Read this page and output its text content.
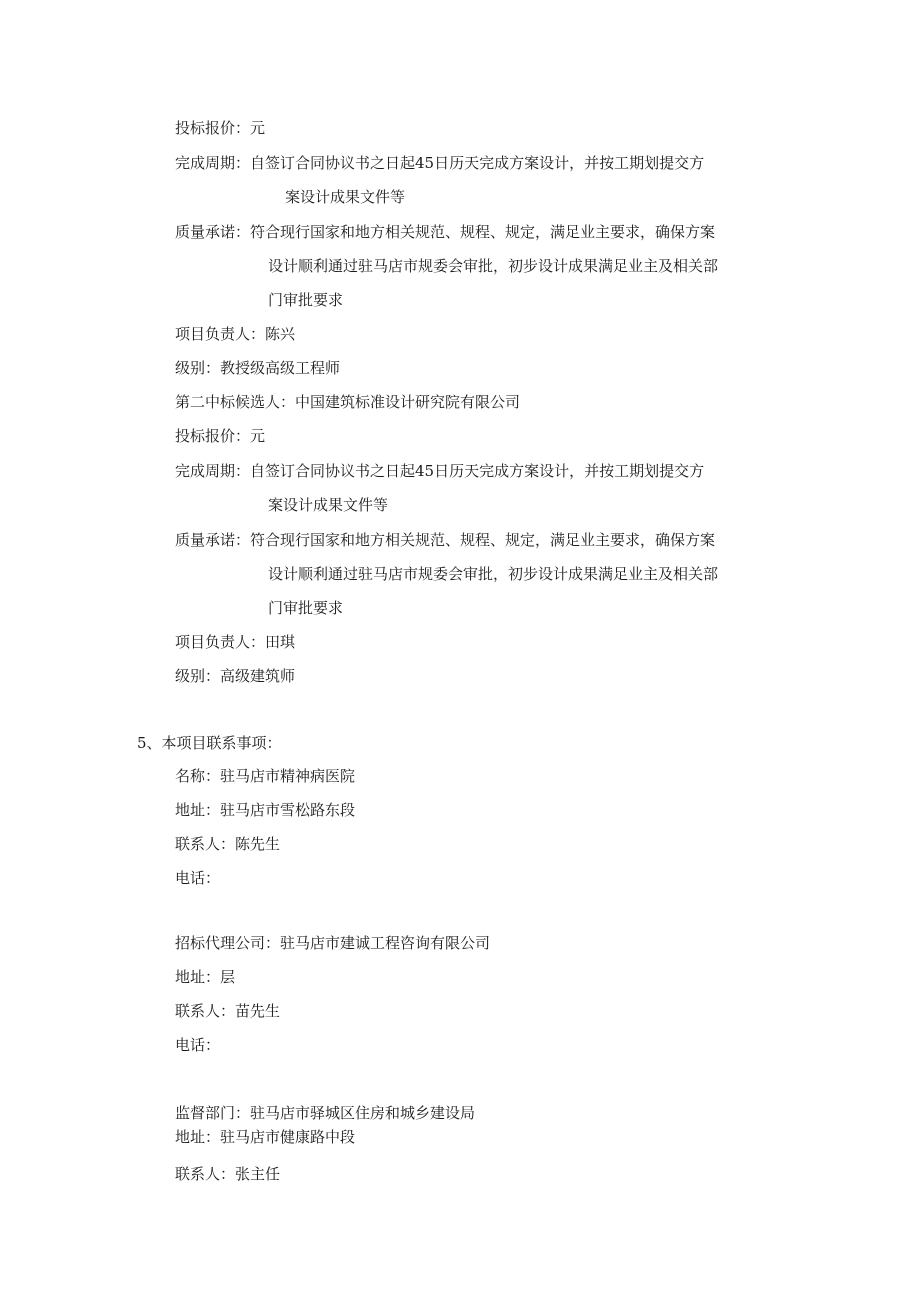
投标报价：元
完成周期：自签订合同协议书之日起45日历天完成方案设计，并按工期划提交方
案设计成果文件等
质量承诺：符合现行国家和地方相关规范、规程、规定，满足业主要求，确保方案
设计顺利通过驻马店市规委会审批，初步设计成果满足业主及相关部
门审批要求
项目负责人：陈兴
级别：教授级高级工程师
第二中标候选人：中国建筑标准设计研究院有限公司
投标报价：元
完成周期：自签订合同协议书之日起45日历天完成方案设计，并按工期划提交方
案设计成果文件等
质量承诺：符合现行国家和地方相关规范、规程、规定，满足业主要求，确保方案
设计顺利通过驻马店市规委会审批，初步设计成果满足业主及相关部
门审批要求
项目负责人：田琪
级别：高级建筑师
5、本项目联系事项：
名称：驻马店市精神病医院
地址：驻马店市雪松路东段
联系人：陈先生
电话：
招标代理公司：驻马店市建诚工程咨询有限公司
地址：层
联系人：苗先生
电话：
监督部门：驻马店市驿城区住房和城乡建设局
地址：驻马店市健康路中段
联系人：张主任
